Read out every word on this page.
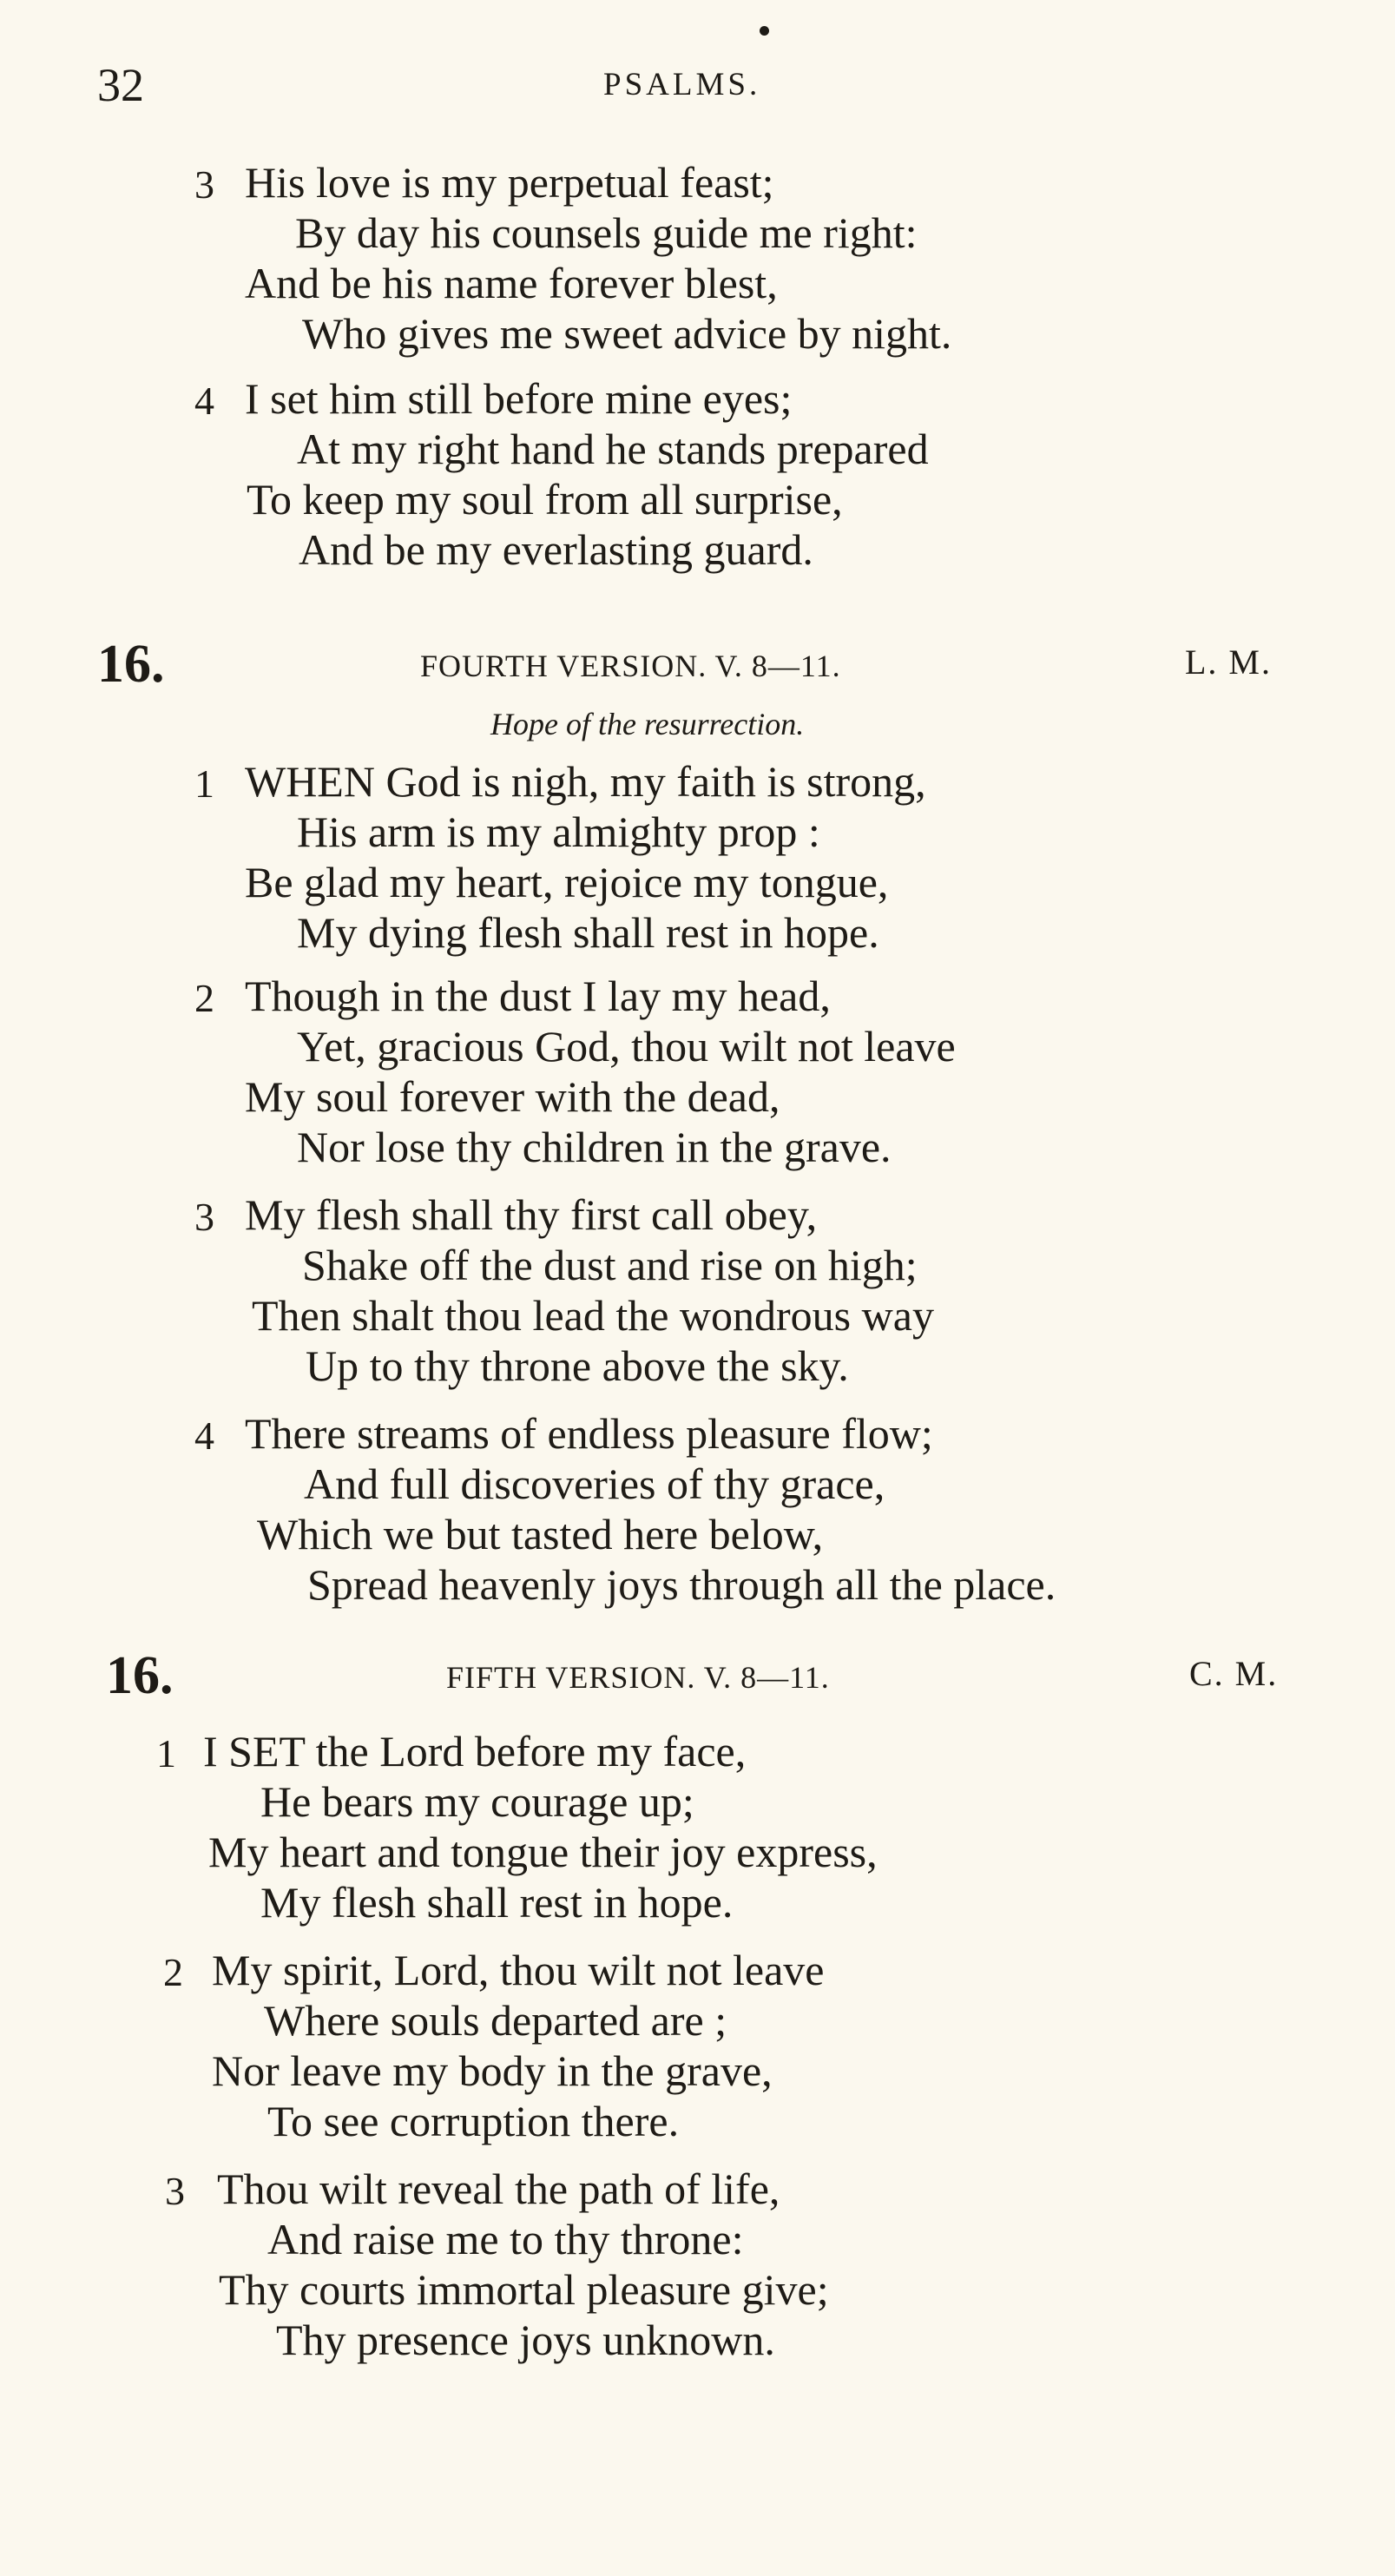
32	PSALMS.
3 His love is my perpetual feast;
By day his counsels guide me right:
And be his name forever blest,
Who gives me sweet advice by night.
4 I set him still before mine eyes;
At my right hand he stands prepared
To keep my soul from all surprise,
And be my everlasting guard.
16.	FOURTH VERSION. V. 8—11.	L. M.
Hope of the resurrection.
1 WHEN God is nigh, my faith is strong,
His arm is my almighty prop :
Be glad my heart, rejoice my tongue,
My dying flesh shall rest in hope.
2 Though in the dust I lay my head,
Yet, gracious God, thou wilt not leave
My soul forever with the dead,
Nor lose thy children in the grave.
3 My flesh shall thy first call obey,
Shake off the dust and rise on high;
Then shalt thou lead the wondrous way
Up to thy throne above the sky.
4 There streams of endless pleasure flow;
And full discoveries of thy grace,
Which we but tasted here below,
Spread heavenly joys through all the place.
16.	FIFTH VERSION. V. 8—11.	C. M.
1 I SET the Lord before my face,
He bears my courage up;
My heart and tongue their joy express,
My flesh shall rest in hope.
2 My spirit, Lord, thou wilt not leave
Where souls departed are ;
Nor leave my body in the grave,
To see corruption there.
3 Thou wilt reveal the path of life,
And raise me to thy throne:
Thy courts immortal pleasure give;
Thy presence joys unknown.
